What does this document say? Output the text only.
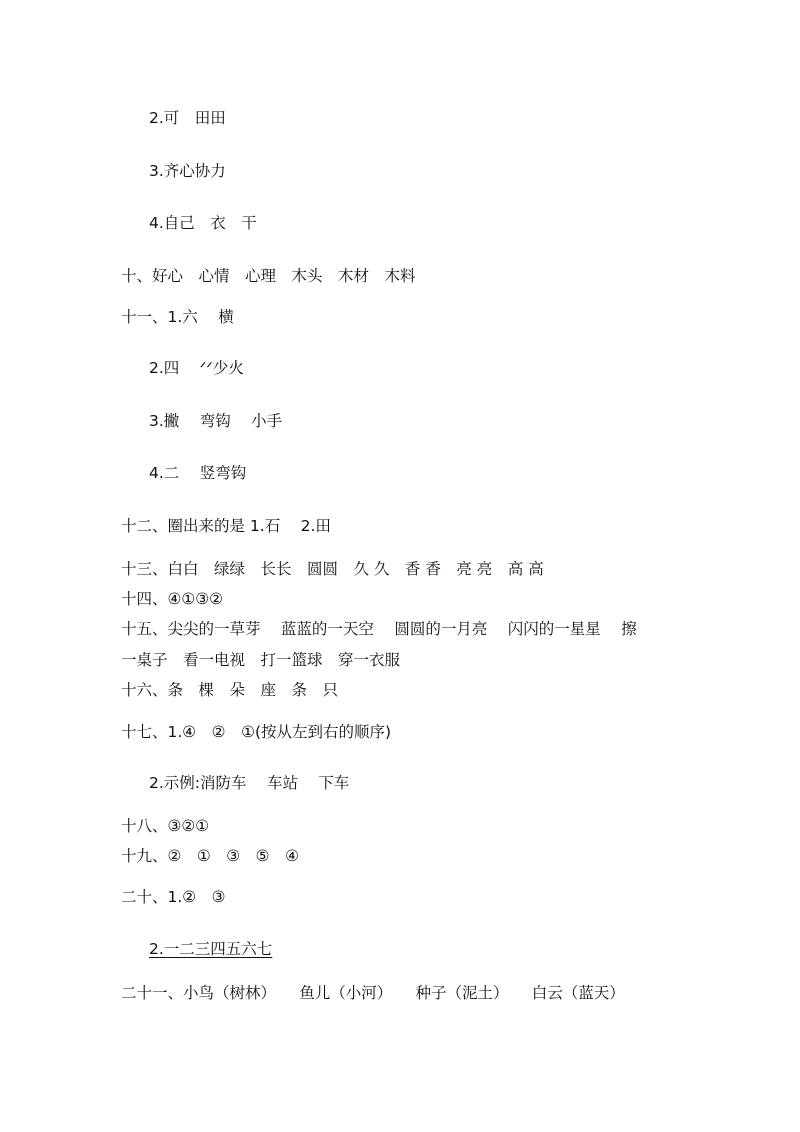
2.可　田田

3.齐心协力

4.自己　衣　干

十、好心　心情　心理　木头　木材　木料

十一、1.六　 横

2.四　 ᐟᐟ少火

3.撇　 弯钩　 小手

4.二　 竖弯钩

十二、圈出来的是 1.石　 2.田

十三、白白　绿绿　长长　圆圆　久 久　香 香　亮 亮　高 高

十四、④①③②

十五、尖尖的一草芽　 蓝蓝的一天空　 圆圆的一月亮　 闪闪的一星星　 擦

一桌子　看一电视　打一篮球　穿一衣服

十六、条　棵　朵　座　条　只

十七、1.④　②　①(按从左到右的顺序)

2.示例:消防车　 车站　 下车

十八、③②①

十九、②　①　③　⑤　④

二十、1.②　③

2.一二三四五六七

二十一、小鸟（树林）　　鱼儿（小河）　　种子（泥土）　　白云（蓝天）
